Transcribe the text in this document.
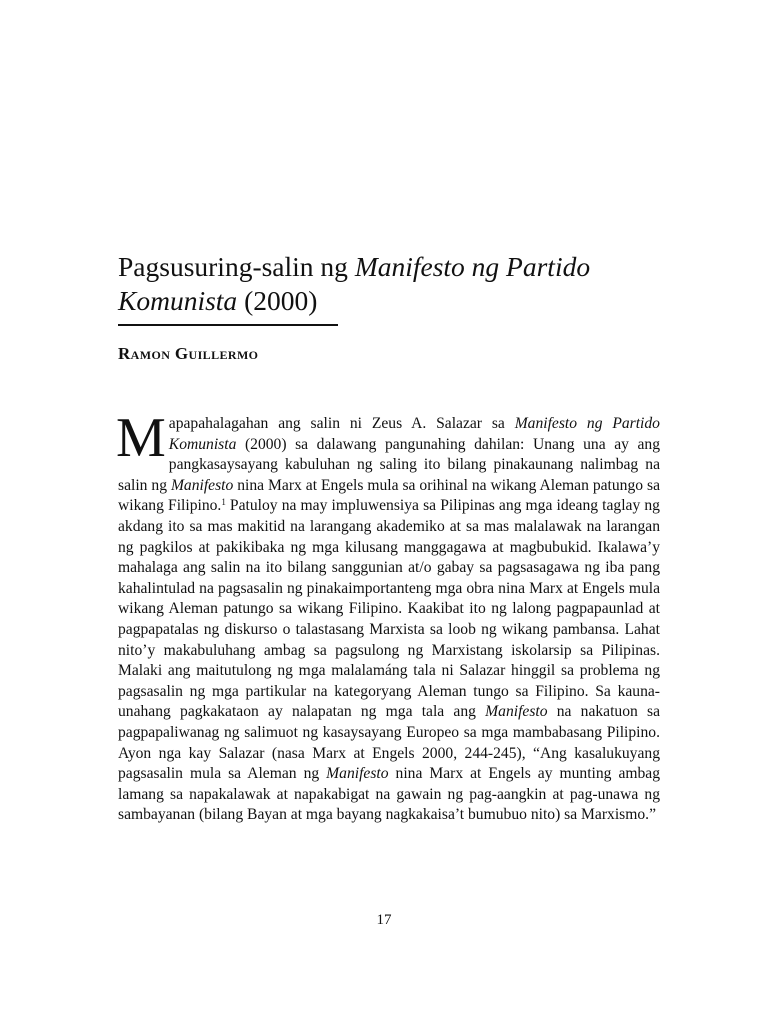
Pagsusuring-salin ng Manifesto ng Partido Komunista (2000)

Ramon Guillermo

Mapapahalagahan ang salin ni Zeus A. Salazar sa Manifesto ng Partido Komunista (2000) sa dalawang pangunahing dahilan: Unang una ay ang pangkasaysayang kabuluhan ng saling ito bilang pinakaunang nalimbag na salin ng Manifesto nina Marx at Engels mula sa orihinal na wikang Aleman patungo sa wikang Filipino.$^1$ Patuloy na may impluwensiya sa Pilipinas ang mga ideang taglay ng akdang ito sa mas makitid na larangang akademiko at sa mas malalawak na larangan ng pagkilos at pakikibaka ng mga kilusang manggagawa at magbubukid. Ikalawa’y mahalaga ang salin na ito bilang sanggunian at/o gabay sa pagsasagawa ng iba pang kahalintulad na pagsasalin ng pinakaimportanteng mga obra nina Marx at Engels mula wikang Aleman patungo sa wikang Filipino. Kaakibat ito ng lalong pagpapaunlad at pagpapatalas ng diskurso o talastasang Marxista sa loob ng wikang pambansa. Lahat nito’y makabuluhang ambag sa pagsulong ng Marxistang iskolarsip sa Pilipinas. Malaki ang maitutulong ng mga malalamáng tala ni Salazar hinggil sa problema ng pagsasalin ng mga partikular na kategoryang Aleman tungo sa Filipino. Sa kauna-unahang pagkakataon ay nalapatan ng mga tala ang Manifesto na nakatuon sa pagpapaliwanag ng salimuot ng kasaysayang Europeo sa mga mambabasang Pilipino. Ayon nga kay Salazar (nasa Marx at Engels 2000, 244-245), “Ang kasalukuyang pagsasalin mula sa Aleman ng Manifesto nina Marx at Engels ay munting ambag lamang sa napakalawak at napakabigat na gawain ng pag-aangkin at pag-unawa ng sambayanan (bilang Bayan at mga bayang nagkakaisa’t bumubuo nito) sa Marxismo.”

17
